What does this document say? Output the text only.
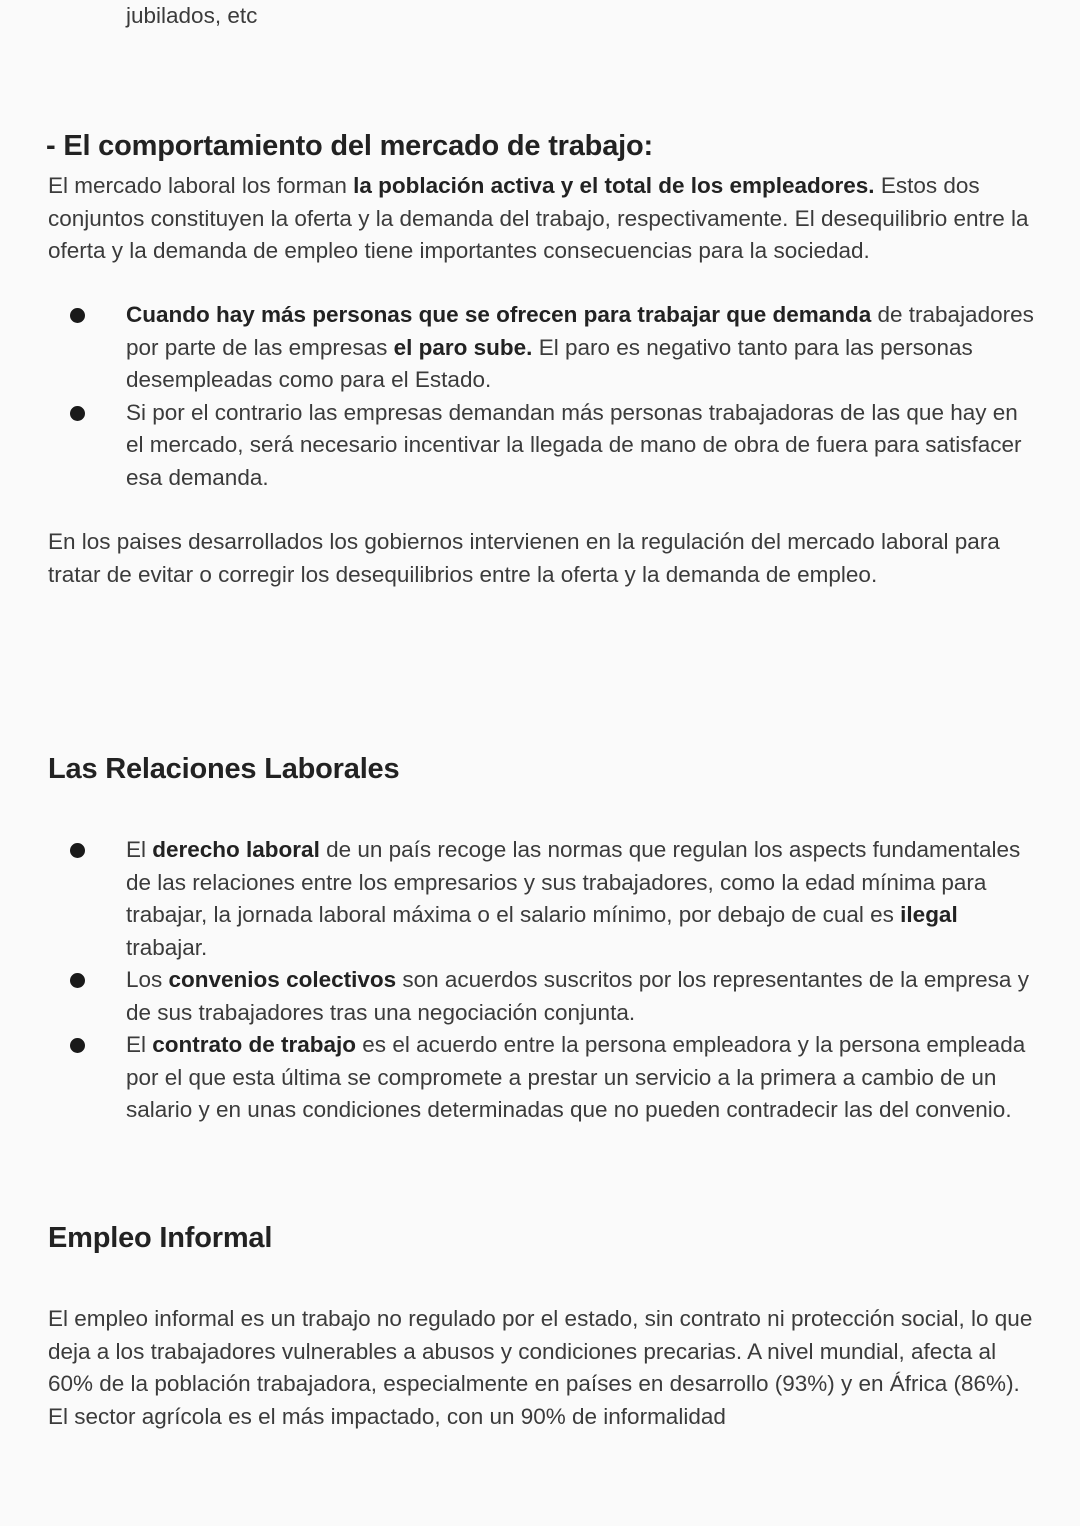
jubilados, etc

- El comportamiento del mercado de trabajo:

El mercado laboral los forman la población activa y el total de los empleadores. Estos dos conjuntos constituyen la oferta y la demanda del trabajo, respectivamente. El desequilibrio entre la oferta y la demanda de empleo tiene importantes consecuencias para la sociedad.

Cuando hay más personas que se ofrecen para trabajar que demanda de trabajadores por parte de las empresas el paro sube. El paro es negativo tanto para las personas desempleadas como para el Estado.
Si por el contrario las empresas demandan más personas trabajadoras de las que hay en el mercado, será necesario incentivar la llegada de mano de obra de fuera para satisfacer esa demanda.

En los paises desarrollados los gobiernos intervienen en la regulación del mercado laboral para tratar de evitar o corregir los desequilibrios entre la oferta y la demanda de empleo.

Las Relaciones Laborales
El derecho laboral de un país recoge las normas que regulan los aspects fundamentales de las relaciones entre los empresarios y sus trabajadores, como la edad mínima para trabajar, la jornada laboral máxima o el salario mínimo, por debajo de cual es ilegal trabajar.
Los convenios colectivos son acuerdos suscritos por los representantes de la empresa y de sus trabajadores tras una negociación conjunta.
El contrato de trabajo es el acuerdo entre la persona empleadora y la persona empleada por el que esta última se compromete a prestar un servicio a la primera a cambio de un salario y en unas condiciones determinadas que no pueden contradecir las del convenio.
Empleo Informal

El empleo informal es un trabajo no regulado por el estado, sin contrato ni protección social, lo que deja a los trabajadores vulnerables a abusos y condiciones precarias. A nivel mundial, afecta al 60% de la población trabajadora, especialmente en países en desarrollo (93%) y en África (86%). El sector agrícola es el más impactado, con un 90% de informalidad
